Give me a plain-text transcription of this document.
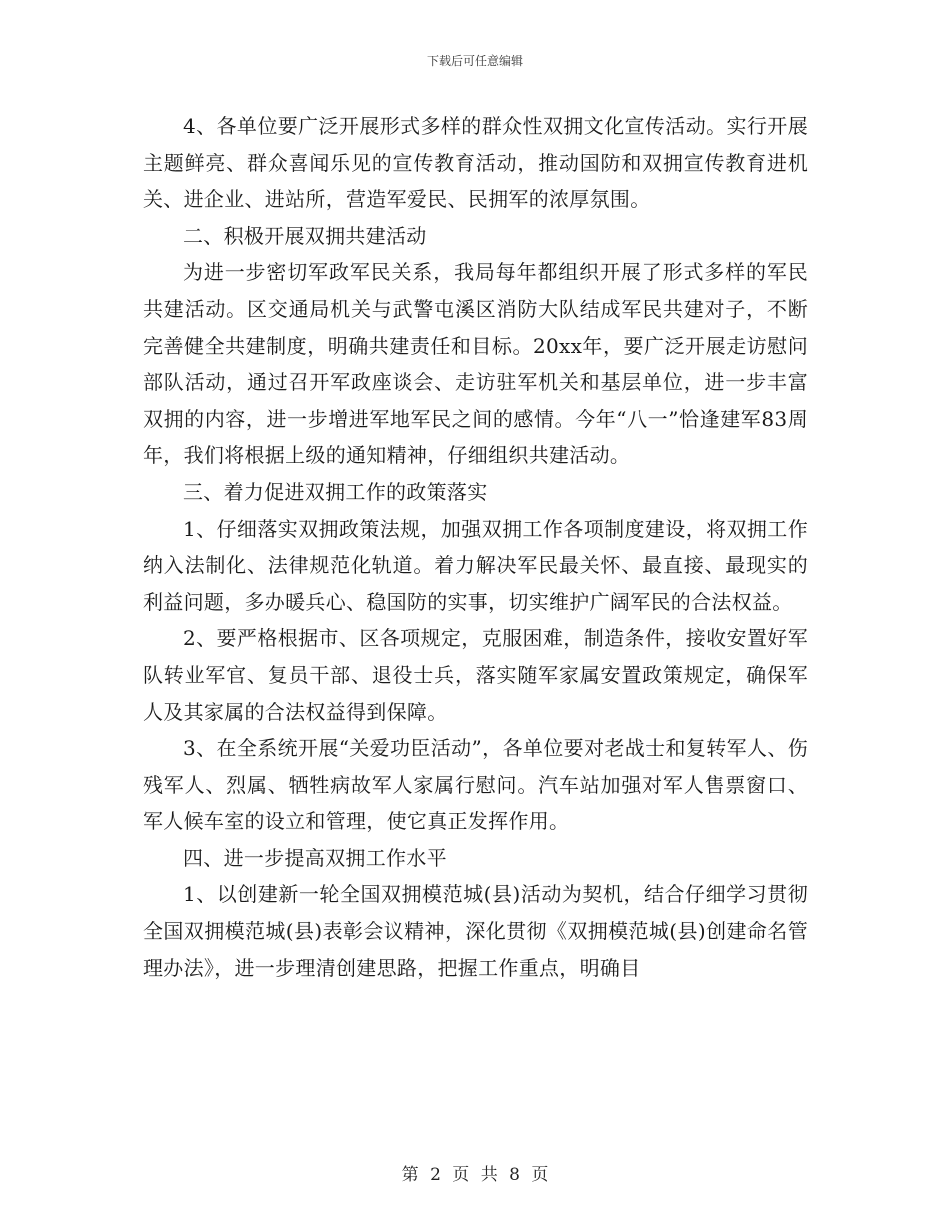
下载后可任意编辑

4、各单位要广泛开展形式多样的群众性双拥文化宣传活动。实行开展主题鲜亮、群众喜闻乐见的宣传教育活动，推动国防和双拥宣传教育进机关、进企业、进站所，营造军爱民、民拥军的浓厚氛围。

二、积极开展双拥共建活动

为进一步密切军政军民关系，我局每年都组织开展了形式多样的军民共建活动。区交通局机关与武警屯溪区消防大队结成军民共建对子，不断完善健全共建制度，明确共建责任和目标。20xx年，要广泛开展走访慰问部队活动，通过召开军政座谈会、走访驻军机关和基层单位，进一步丰富双拥的内容，进一步增进军地军民之间的感情。今年“八一”恰逢建军83周年，我们将根据上级的通知精神，仔细组织共建活动。

三、着力促进双拥工作的政策落实

1、仔细落实双拥政策法规，加强双拥工作各项制度建设，将双拥工作纳入法制化、法律规范化轨道。着力解决军民最关怀、最直接、最现实的利益问题，多办暖兵心、稳国防的实事，切实维护广阔军民的合法权益。

2、要严格根据市、区各项规定，克服困难，制造条件，接收安置好军队转业军官、复员干部、退役士兵，落实随军家属安置政策规定，确保军人及其家属的合法权益得到保障。

3、在全系统开展“关爱功臣活动”，各单位要对老战士和复转军人、伤残军人、烈属、牺牲病故军人家属行慰问。汽车站加强对军人售票窗口、军人候车室的设立和管理，使它真正发挥作用。

四、进一步提高双拥工作水平

1、以创建新一轮全国双拥模范城(县)活动为契机，结合仔细学习贯彻全国双拥模范城(县)表彰会议精神，深化贯彻《双拥模范城(县)创建命名管理办法》，进一步理清创建思路，把握工作重点，明确目

第 2 页 共 8 页
